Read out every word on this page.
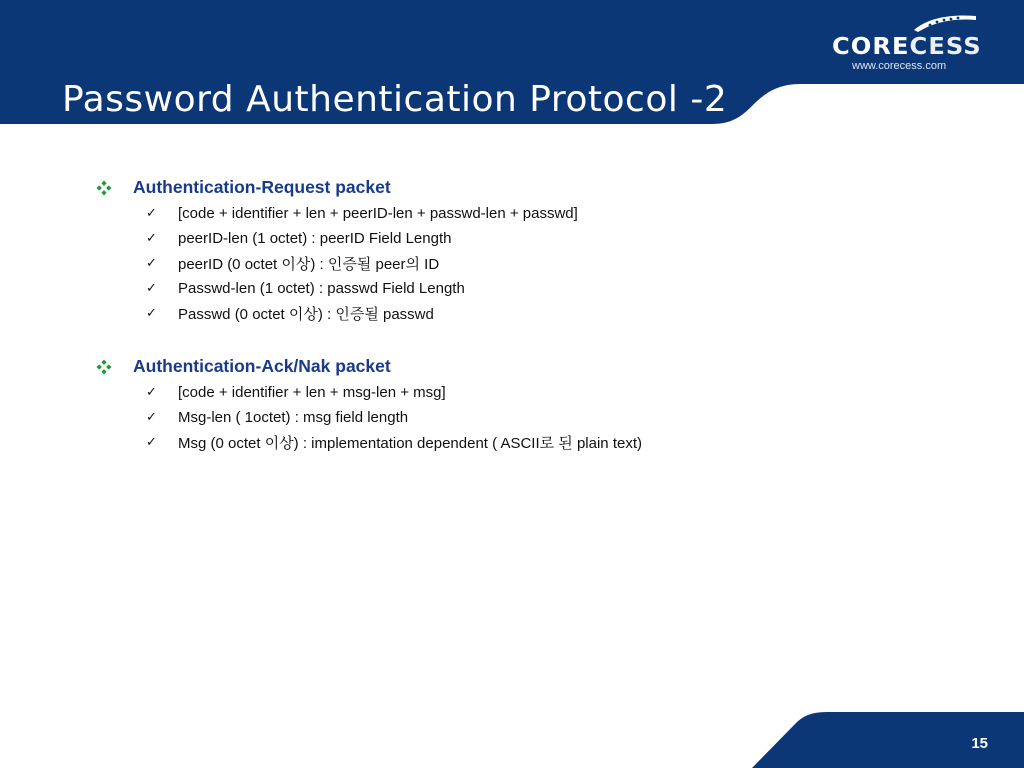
Password Authentication Protocol -2
CORECESS
www.corecess.com
Authentication-Request packet
✓	[code + identifier + len + peerID-len + passwd-len + passwd]
✓	peerID-len (1 octet) : peerID Field Length
✓	peerID (0 octet 이상) : 인증될 peer의 ID
✓	Passwd-len (1 octet) : passwd Field Length
✓	Passwd (0 octet 이상) : 인증될 passwd
Authentication-Ack/Nak packet
✓	[code + identifier + len + msg-len + msg]
✓	Msg-len ( 1octet) : msg field length
✓	Msg (0 octet 이상) : implementation dependent ( ASCII로 된 plain text)
15
